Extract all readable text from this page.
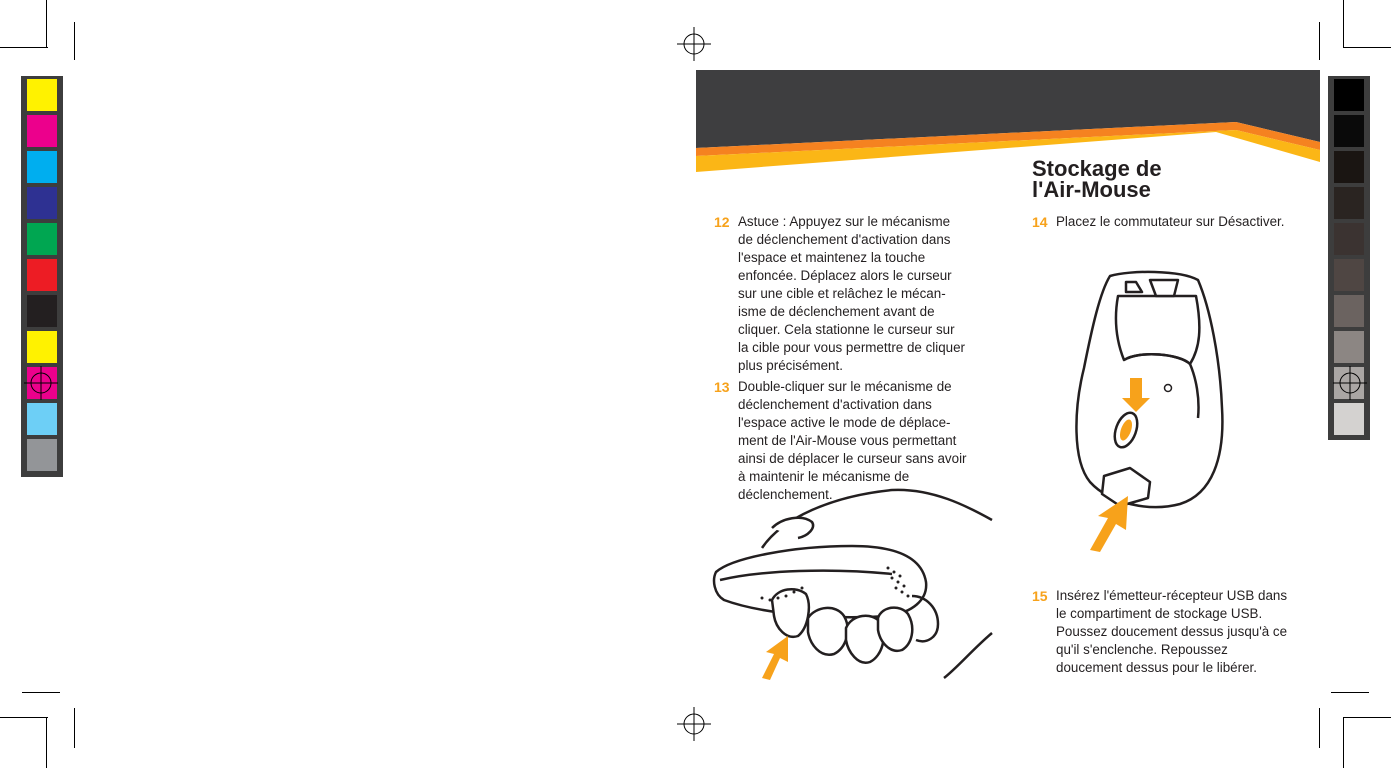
Stockage de
l'Air-Mouse
12 Astuce : Appuyez sur le mécanisme
de déclenchement d'activation dans
l'espace et maintenez la touche
enfoncée. Déplacez alors le curseur
sur une cible et relâchez le mécan-
isme de déclenchement avant de
cliquer. Cela stationne le curseur sur
la cible pour vous permettre de cliquer
plus précisément.
13 Double-cliquer sur le mécanisme de
déclenchement d'activation dans
l'espace active le mode de déplace-
ment de l'Air-Mouse vous permettant
ainsi de déplacer le curseur sans avoir
à maintenir le mécanisme de
déclenchement.
14 Placez le commutateur sur Désactiver.
15 Insérez l'émetteur-récepteur USB dans
le compartiment de stockage USB.
Poussez doucement dessus jusqu'à ce
qu'il s'enclenche. Repoussez
doucement dessus pour le libérer.
